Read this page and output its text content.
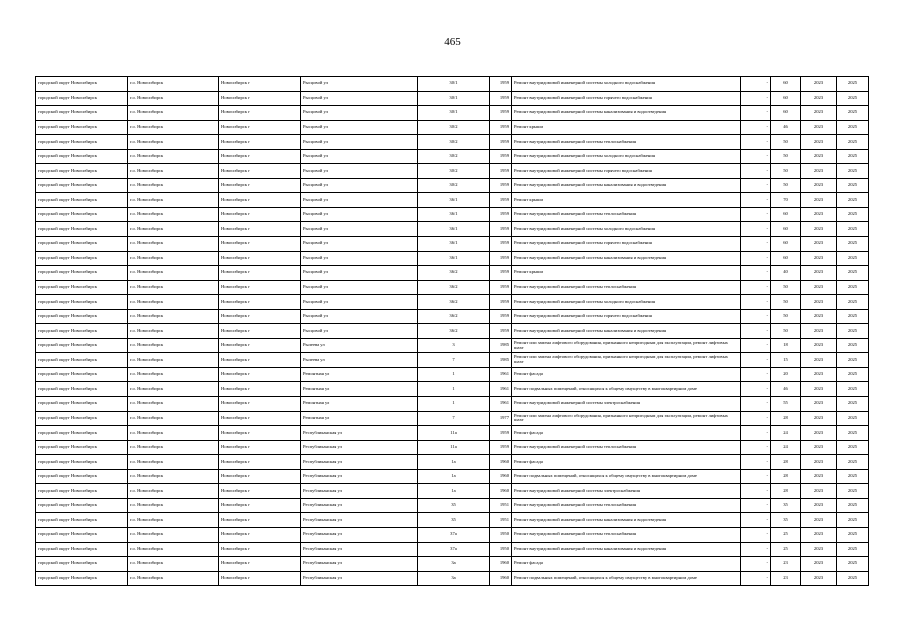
465
городской округ Новосибирск	г.о. Новосибирск	Новосибирск г	Рысцовой ул	30/1	1959	Ремонт внутридомовой инженерной системы холодного водоснабжения	-	60	2023	2025
городской округ Новосибирск	г.о. Новосибирск	Новосибирск г	Рысцовой ул	30/1	1959	Ремонт внутридомовой инженерной системы горячего водоснабжения	-	60	2023	2025
городской округ Новосибирск	г.о. Новосибирск	Новосибирск г	Рысцовой ул	30/1	1959	Ремонт внутридомовой инженерной системы канализования и водоотведения	-	60	2023	2025
городской округ Новосибирск	г.о. Новосибирск	Новосибирск г	Рысцовой ул	30/2	1959	Ремонт крыши	-	46	2023	2025
городской округ Новосибирск	г.о. Новосибирск	Новосибирск г	Рысцовой ул	30/2	1959	Ремонт внутридомовой инженерной системы теплоснабжения	-	50	2023	2025
городской округ Новосибирск	г.о. Новосибирск	Новосибирск г	Рысцовой ул	30/2	1959	Ремонт внутридомовой инженерной системы холодного водоснабжения	-	50	2023	2025
городской округ Новосибирск	г.о. Новосибирск	Новосибирск г	Рысцовой ул	30/2	1959	Ремонт внутридомовой инженерной системы горячего водоснабжения	-	50	2023	2025
городской округ Новосибирск	г.о. Новосибирск	Новосибирск г	Рысцовой ул	30/2	1959	Ремонт внутридомовой инженерной системы канализования и водоотведения	-	50	2023	2025
городской округ Новосибирск	г.о. Новосибирск	Новосибирск г	Рысцовой ул	36/1	1959	Ремонт крыши	-	70	2023	2025
городской округ Новосибирск	г.о. Новосибирск	Новосибирск г	Рысцовой ул	36/1	1959	Ремонт внутридомовой инженерной системы теплоснабжения	-	60	2023	2025
городской округ Новосибирск	г.о. Новосибирск	Новосибирск г	Рысцовой ул	36/1	1959	Ремонт внутридомовой инженерной системы холодного водоснабжения	-	60	2023	2025
городской округ Новосибирск	г.о. Новосибирск	Новосибирск г	Рысцовой ул	36/1	1959	Ремонт внутридомовой инженерной системы горячего водоснабжения	-	60	2023	2025
городской округ Новосибирск	г.о. Новосибирск	Новосибирск г	Рысцовой ул	36/1	1959	Ремонт внутридомовой инженерной системы канализования и водоотведения	-	60	2023	2025
городской округ Новосибирск	г.о. Новосибирск	Новосибирск г	Рысцовой ул	36/2	1959	Ремонт крыши	-	40	2023	2025
городской округ Новосибирск	г.о. Новосибирск	Новосибирск г	Рысцовой ул	36/2	1959	Ремонт внутридомовой инженерной системы теплоснабжения	-	50	2023	2025
городской округ Новосибирск	г.о. Новосибирск	Новосибирск г	Рысцовой ул	36/2	1959	Ремонт внутридомовой инженерной системы холодного водоснабжения	-	50	2023	2025
городской округ Новосибирск	г.о. Новосибирск	Новосибирск г	Рысцовой ул	36/2	1959	Ремонт внутридомовой инженерной системы горячего водоснабжения	-	50	2023	2025
городской округ Новосибирск	г.о. Новосибирск	Новосибирск г	Рысцовой ул	36/2	1959	Ремонт внутридомовой инженерной системы канализования и водоотведения	-	50	2023	2025
городской округ Новосибирск	г.о. Новосибирск	Новосибирск г	Рылеева ул	3	1985	Ремонт или замена лифтового оборудования, признанного непригодным для эксплуатации, ремонт лифтовых шахт	-	18	2023	2025
городской округ Новосибирск	г.о. Новосибирск	Новосибирск г	Рылеева ул	7	1985	Ремонт или замена лифтового оборудования, признанного непригодным для эксплуатации, ремонт лифтовых шахт	-	15	2023	2025
городской округ Новосибирск	г.о. Новосибирск	Новосибирск г	Ремонтная ул	1	1961	Ремонт фасада	-	20	2023	2025
городской округ Новосибирск	г.о. Новосибирск	Новосибирск г	Ремонтная ул	1	1961	Ремонт подвальных помещений, относящихся к общему имуществу в многоквартирном доме	-	46	2023	2025
городской округ Новосибирск	г.о. Новосибирск	Новосибирск г	Ремонтная ул	1	1961	Ремонт внутридомовой инженерной системы электроснабжения	-	55	2023	2025
городской округ Новосибирск	г.о. Новосибирск	Новосибирск г	Ремонтная ул	7	1977	Ремонт или замена лифтового оборудования, признанного непригодным для эксплуатации, ремонт лифтовых шахт	-	28	2023	2025
городской округ Новосибирск	г.о. Новосибирск	Новосибирск г	Республиканская ул	11а	1959	Ремонт фасада	-	24	2023	2025
городской округ Новосибирск	г.о. Новосибирск	Новосибирск г	Республиканская ул	11а	1959	Ремонт внутридомовой инженерной системы теплоснабжения	-	24	2023	2025
городской округ Новосибирск	г.о. Новосибирск	Новосибирск г	Республиканская ул	1а	1960	Ремонт фасада	-	28	2023	2025
городской округ Новосибирск	г.о. Новосибирск	Новосибирск г	Республиканская ул	1а	1960	Ремонт подвальных помещений, относящихся к общему имуществу в многоквартирном доме	-	28	2023	2025
городской округ Новосибирск	г.о. Новосибирск	Новосибирск г	Республиканская ул	1а	1960	Ремонт внутридомовой инженерной системы электроснабжения	-	28	2023	2025
городской округ Новосибирск	г.о. Новосибирск	Новосибирск г	Республиканская ул	35	1951	Ремонт внутридомовой инженерной системы теплоснабжения	-	35	2023	2025
городской округ Новосибирск	г.о. Новосибирск	Новосибирск г	Республиканская ул	35	1951	Ремонт внутридомовой инженерной системы канализования и водоотведения	-	35	2023	2025
городской округ Новосибирск	г.о. Новосибирск	Новосибирск г	Республиканская ул	37а	1950	Ремонт внутридомовой инженерной системы теплоснабжения	-	25	2023	2025
городской округ Новосибирск	г.о. Новосибирск	Новосибирск г	Республиканская ул	37а	1950	Ремонт внутридомовой инженерной системы канализования и водоотведения	-	25	2023	2025
городской округ Новосибирск	г.о. Новосибирск	Новосибирск г	Республиканская ул	3а	1960	Ремонт фасада	-	23	2023	2025
городской округ Новосибирск	г.о. Новосибирск	Новосибирск г	Республиканская ул	3а	1960	Ремонт подвальных помещений, относящихся к общему имуществу в многоквартирном доме	-	23	2023	2025
